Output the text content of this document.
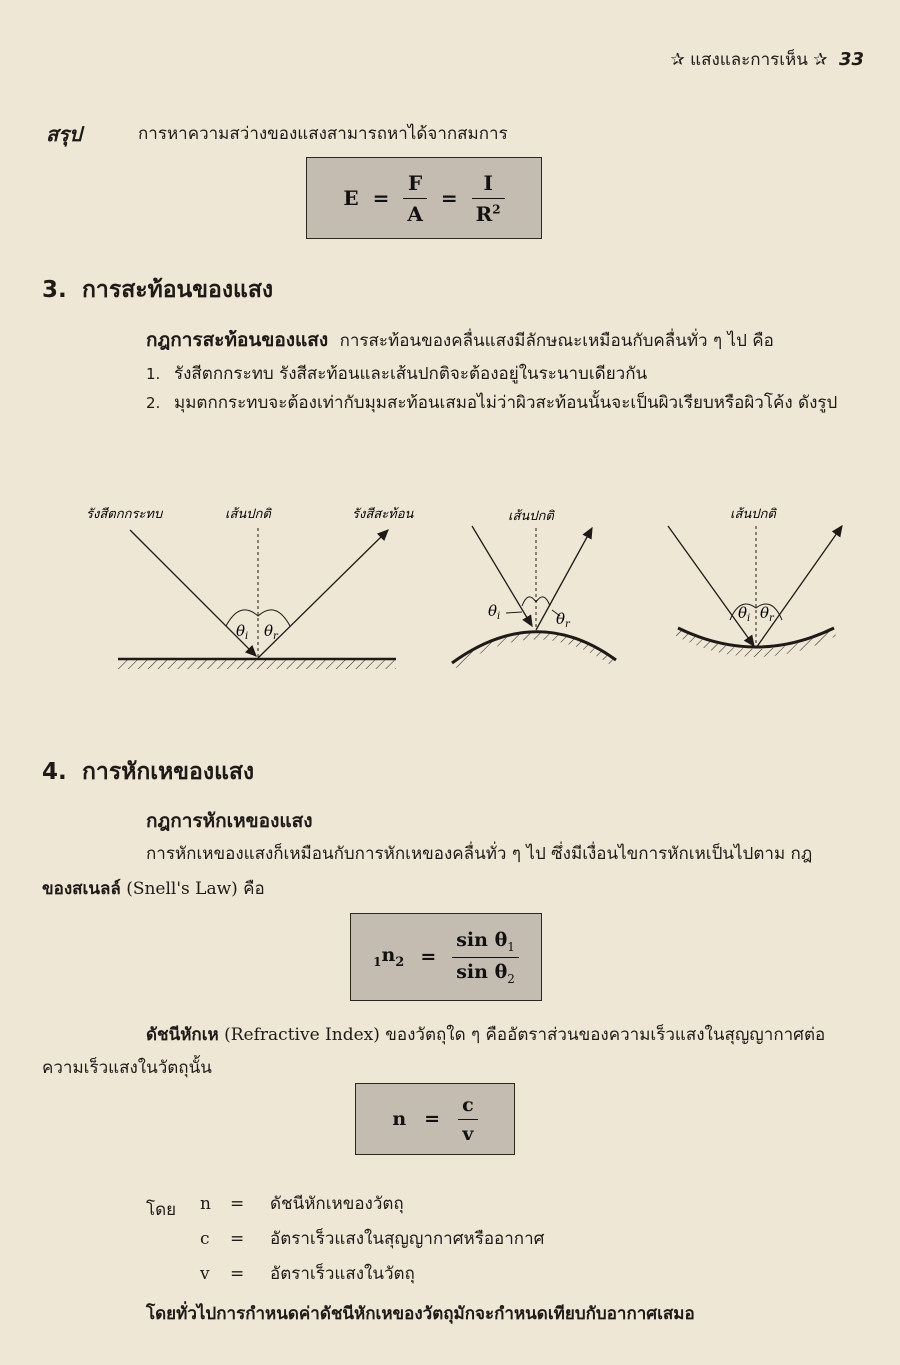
✰ แสงและการเห็น ✰ 33
สรุป	การหาความสว่างของแสงสามารถหาได้จากสมการ
$E = \frac{F}{A} = \frac{I}{R^2}$
3. การสะท้อนของแสง
กฎการสะท้อนของแสง การสะท้อนของคลื่นแสงมีลักษณะเหมือนกับคลื่นทั่ว ๆ ไป คือ
1. รังสีตกกระทบ รังสีสะท้อนและเส้นปกติจะต้องอยู่ในระนาบเดียวกัน
2. มุมตกกระทบจะต้องเท่ากับมุมสะท้อนเสมอไม่ว่าผิวสะท้อนนั้นจะเป็นผิวเรียบหรือผิวโค้ง ดังรูป
รังสีตกกระทบ	เส้นปกติ	รังสีสะท้อน
$\theta_i$ $\theta_r$
เส้นปกติ
$\theta_i$	$\theta_r$
เส้นปกติ
$\theta_i$ $\theta_r$
4. การหักเหของแสง
กฎการหักเหของแสง
การหักเหของแสงก็เหมือนกับการหักเหของคลื่นทั่ว ๆ ไป ซึ่งมีเงื่อนไขการหักเหเป็นไปตาม กฎ
ของสเนลล์ (Snell's Law) คือ
$_1n_2 = \frac{\sin \theta_1}{\sin \theta_2}$
ดัชนีหักเห (Refractive Index) ของวัตถุใด ๆ คืออัตราส่วนของความเร็วแสงในสุญญากาศต่อ
ความเร็วแสงในวัตถุนั้น
$n = \frac{c}{v}$
โดย n = ดัชนีหักเหของวัตถุ
c = อัตราเร็วแสงในสุญญากาศหรืออากาศ
v = อัตราเร็วแสงในวัตถุ
โดยทั่วไปการกำหนดค่าดัชนีหักเหของวัตถุมักจะกำหนดเทียบกับอากาศเสมอ
